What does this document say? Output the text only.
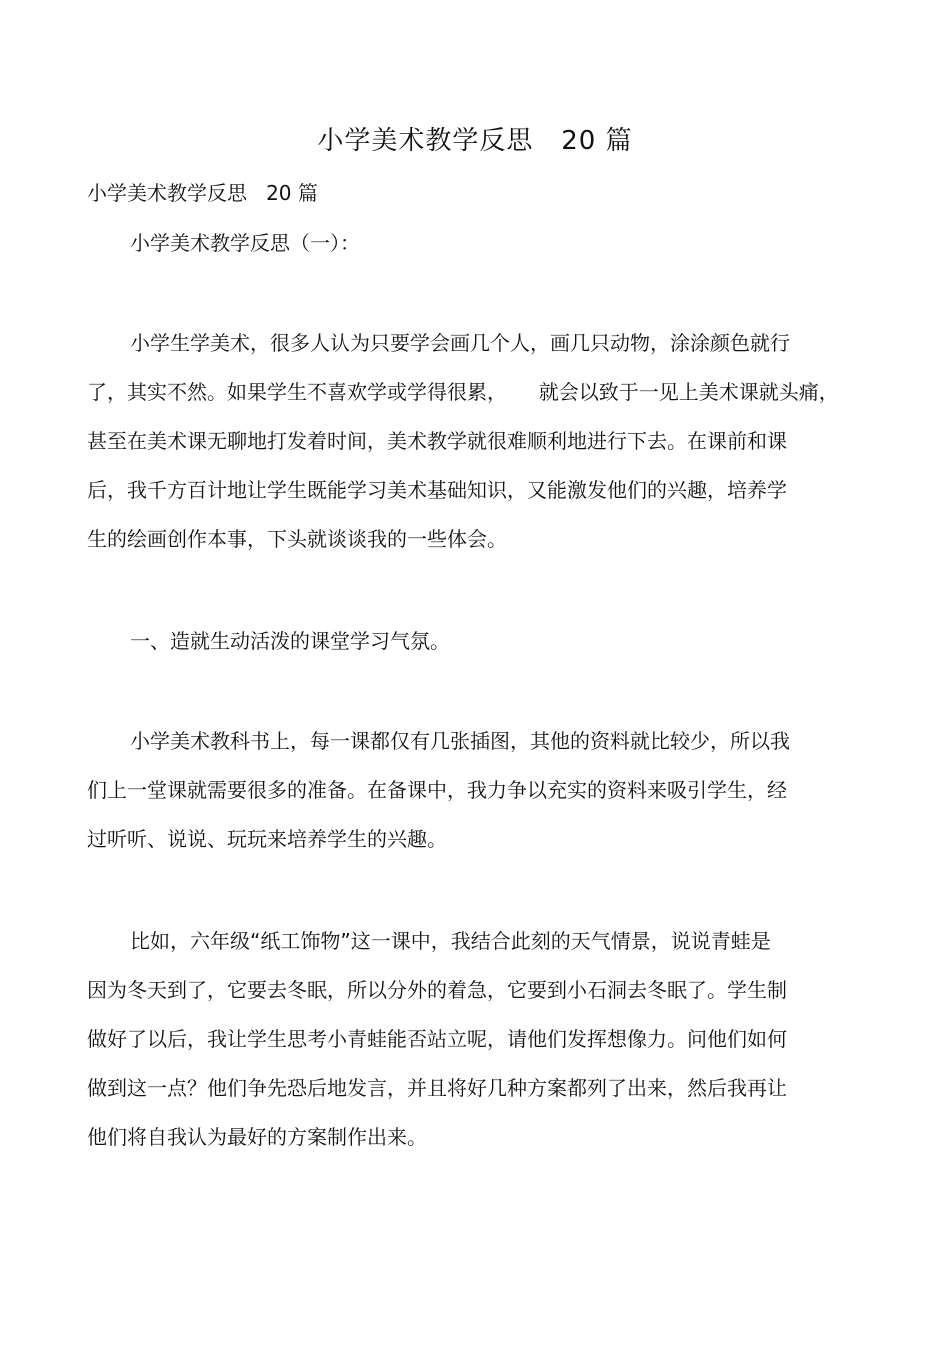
小学美术教学反思   20 篇
小学美术教学反思   20 篇
小学美术教学反思（一）：
小学生学美术，很多人认为只要学会画几个人，画几只动物，涂涂颜色就行
了，其实不然。如果学生不喜欢学或学得很累，     就会以致于一见上美术课就头痛，
甚至在美术课无聊地打发着时间，美术教学就很难顺利地进行下去。在课前和课
后，我千方百计地让学生既能学习美术基础知识，又能激发他们的兴趣，培养学
生的绘画创作本事，下头就谈谈我的一些体会。
一、造就生动活泼的课堂学习气氛。
小学美术教科书上，每一课都仅有几张插图，其他的资料就比较少，所以我
们上一堂课就需要很多的准备。在备课中，我力争以充实的资料来吸引学生，经
过听听、说说、玩玩来培养学生的兴趣。
比如，六年级“纸工饰物”这一课中，我结合此刻的天气情景，说说青蛙是
因为冬天到了，它要去冬眠，所以分外的着急，它要到小石洞去冬眠了。学生制
做好了以后，我让学生思考小青蛙能否站立呢，请他们发挥想像力。问他们如何
做到这一点？他们争先恐后地发言，并且将好几种方案都列了出来，然后我再让
他们将自我认为最好的方案制作出来。
